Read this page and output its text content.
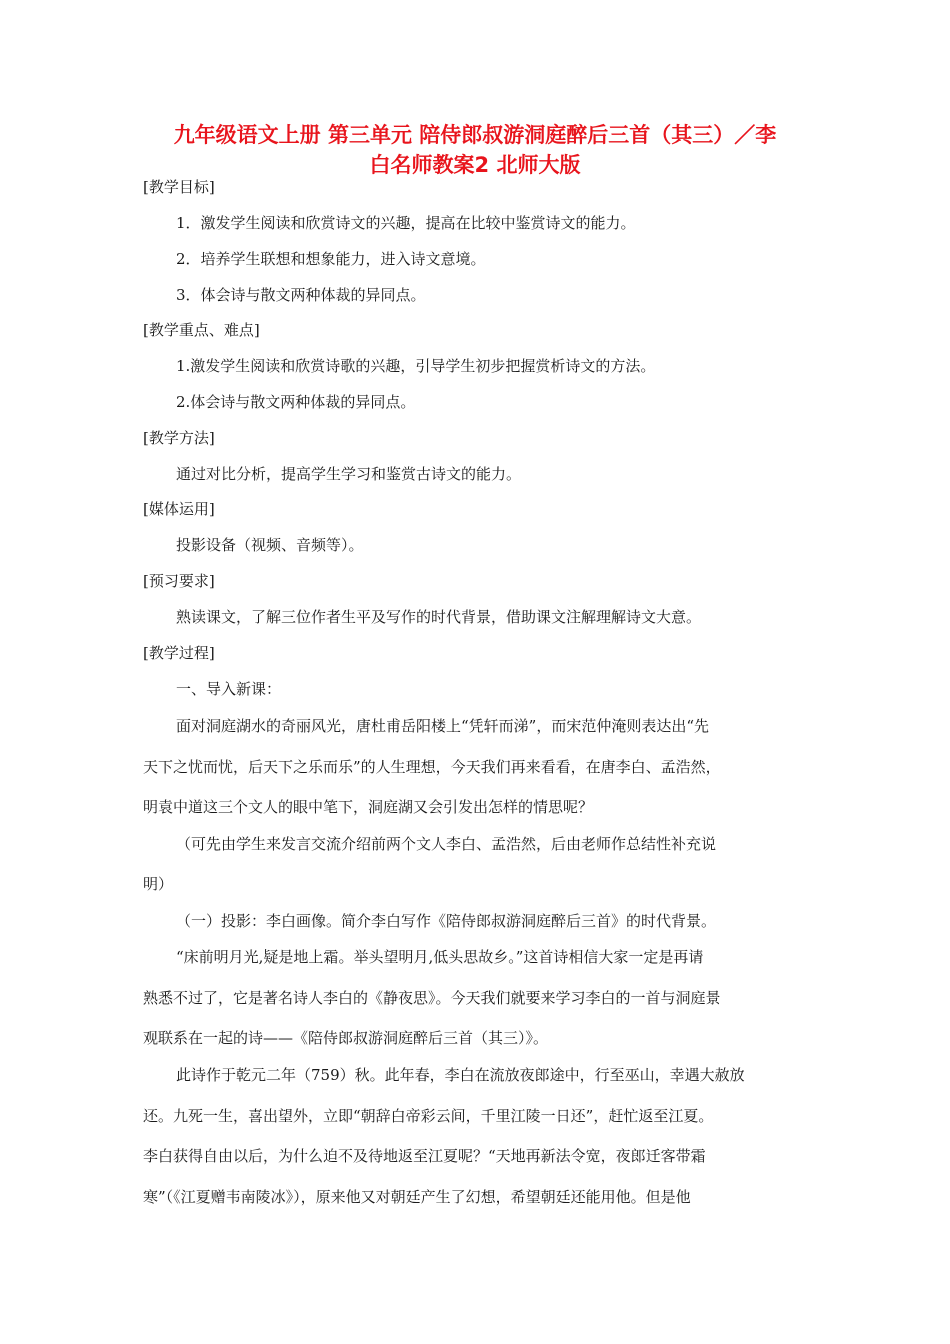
九年级语文上册 第三单元 陪侍郎叔游洞庭醉后三首（其三）／李
白名师教案2 北师大版
[教学目标]
1．激发学生阅读和欣赏诗文的兴趣，提高在比较中鉴赏诗文的能力。
2．培养学生联想和想象能力，进入诗文意境。
3．体会诗与散文两种体裁的异同点。
[教学重点、难点]
1.激发学生阅读和欣赏诗歌的兴趣，引导学生初步把握赏析诗文的方法。
2.体会诗与散文两种体裁的异同点。
[教学方法]
通过对比分析，提高学生学习和鉴赏古诗文的能力。
[媒体运用]
投影设备（视频、音频等）。
[预习要求]
熟读课文，了解三位作者生平及写作的时代背景，借助课文注解理解诗文大意。
[教学过程]
一、导入新课：
面对洞庭湖水的奇丽风光，唐杜甫岳阳楼上“凭轩而涕”，而宋范仲淹则表达出“先
天下之忧而忧，后天下之乐而乐”的人生理想，今天我们再来看看，在唐李白、孟浩然，
明袁中道这三个文人的眼中笔下，洞庭湖又会引发出怎样的情思呢？
（可先由学生来发言交流介绍前两个文人李白、孟浩然，后由老师作总结性补充说
明）
（一）投影：李白画像。简介李白写作《陪侍郎叔游洞庭醉后三首》的时代背景。
“床前明月光,疑是地上霜。举头望明月,低头思故乡。”这首诗相信大家一定是再请
熟悉不过了，它是著名诗人李白的《静夜思》。今天我们就要来学习李白的一首与洞庭景
观联系在一起的诗——《陪侍郎叔游洞庭醉后三首（其三）》。
此诗作于乾元二年（759）秋。此年春，李白在流放夜郎途中，行至巫山，幸遇大赦放
还。九死一生，喜出望外，立即“朝辞白帝彩云间，千里江陵一日还”，赶忙返至江夏。
李白获得自由以后，为什么迫不及待地返至江夏呢？“天地再新法令宽，夜郎迁客带霜
寒”（《江夏赠韦南陵冰》），原来他又对朝廷产生了幻想，希望朝廷还能用他。但是他
